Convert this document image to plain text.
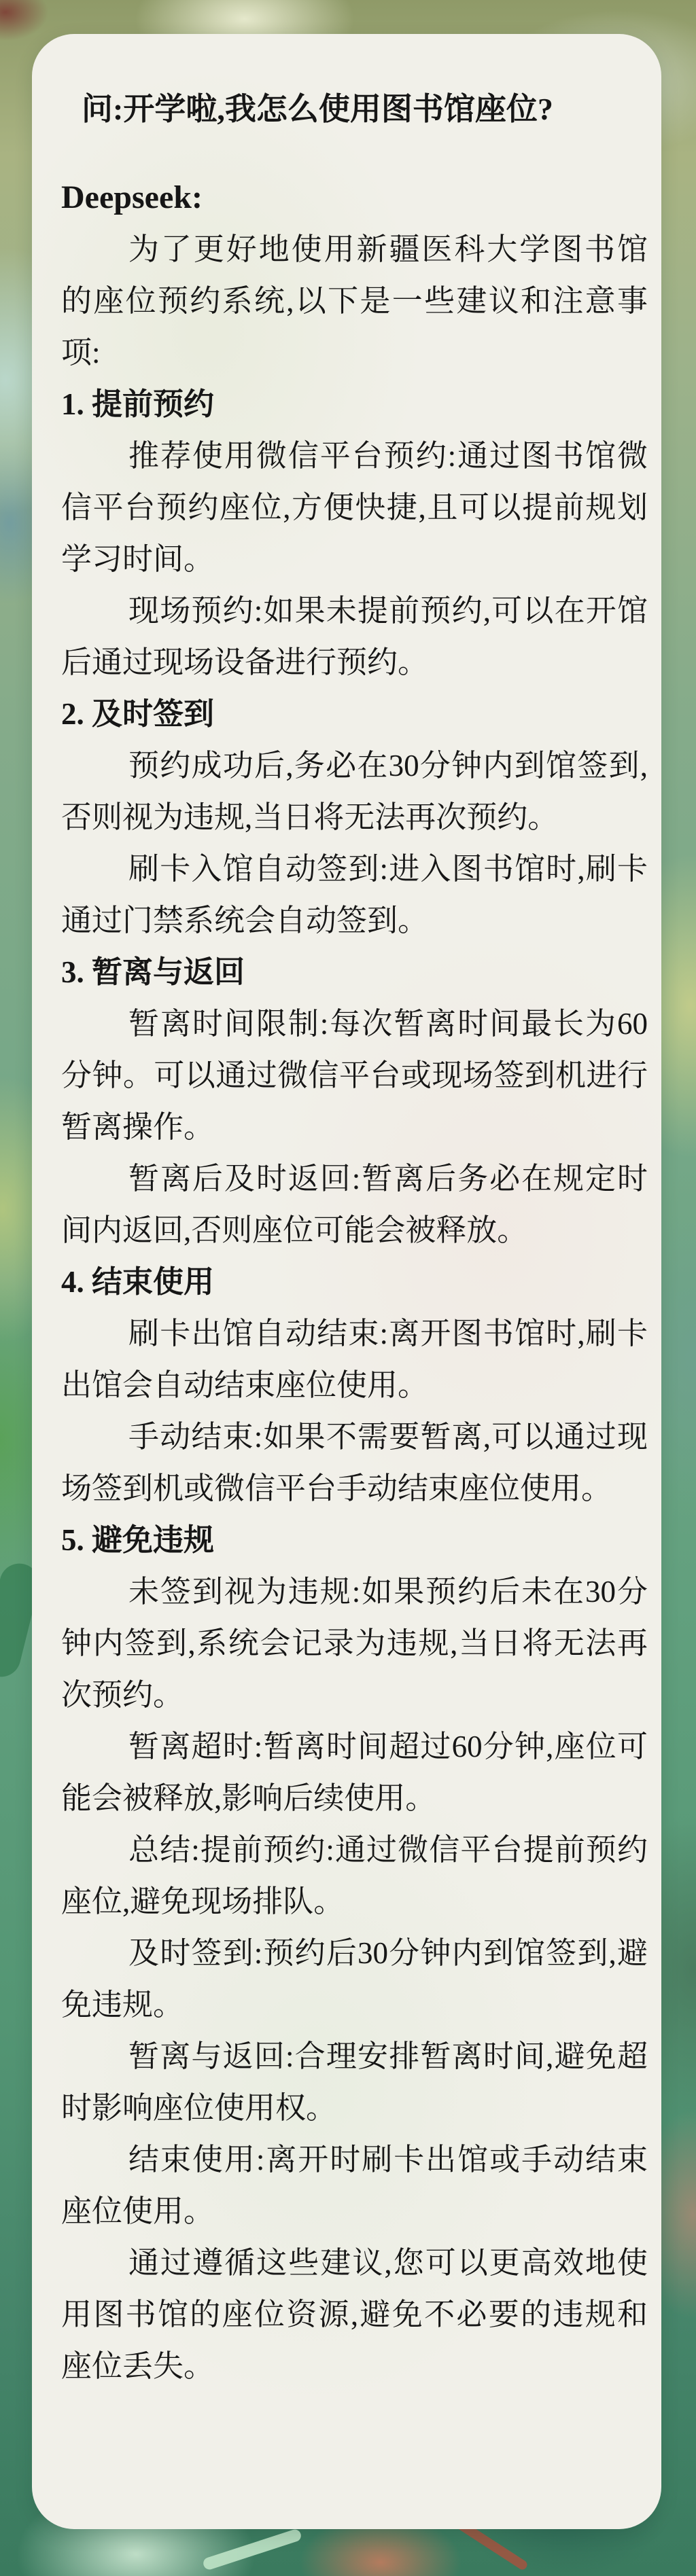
问:开学啦,我怎么使用图书馆座位?
Deepseek:

为了更好地使用新疆医科大学图书馆的座位预约系统,以下是一些建议和注意事项:

1. 提前预约

推荐使用微信平台预约:通过图书馆微信平台预约座位,方便快捷,且可以提前规划学习时间。

现场预约:如果未提前预约,可以在开馆后通过现场设备进行预约。

2. 及时签到

预约成功后,务必在30分钟内到馆签到,否则视为违规,当日将无法再次预约。

刷卡入馆自动签到:进入图书馆时,刷卡通过门禁系统会自动签到。

3. 暂离与返回

暂离时间限制:每次暂离时间最长为60分钟。可以通过微信平台或现场签到机进行暂离操作。

暂离后及时返回:暂离后务必在规定时间内返回,否则座位可能会被释放。

4. 结束使用

刷卡出馆自动结束:离开图书馆时,刷卡出馆会自动结束座位使用。

手动结束:如果不需要暂离,可以通过现场签到机或微信平台手动结束座位使用。

5. 避免违规

未签到视为违规:如果预约后未在30分钟内签到,系统会记录为违规,当日将无法再次预约。

暂离超时:暂离时间超过60分钟,座位可能会被释放,影响后续使用。

总结:提前预约:通过微信平台提前预约座位,避免现场排队。

及时签到:预约后30分钟内到馆签到,避免违规。

暂离与返回:合理安排暂离时间,避免超时影响座位使用权。

结束使用:离开时刷卡出馆或手动结束座位使用。

通过遵循这些建议,您可以更高效地使用图书馆的座位资源,避免不必要的违规和座位丢失。
